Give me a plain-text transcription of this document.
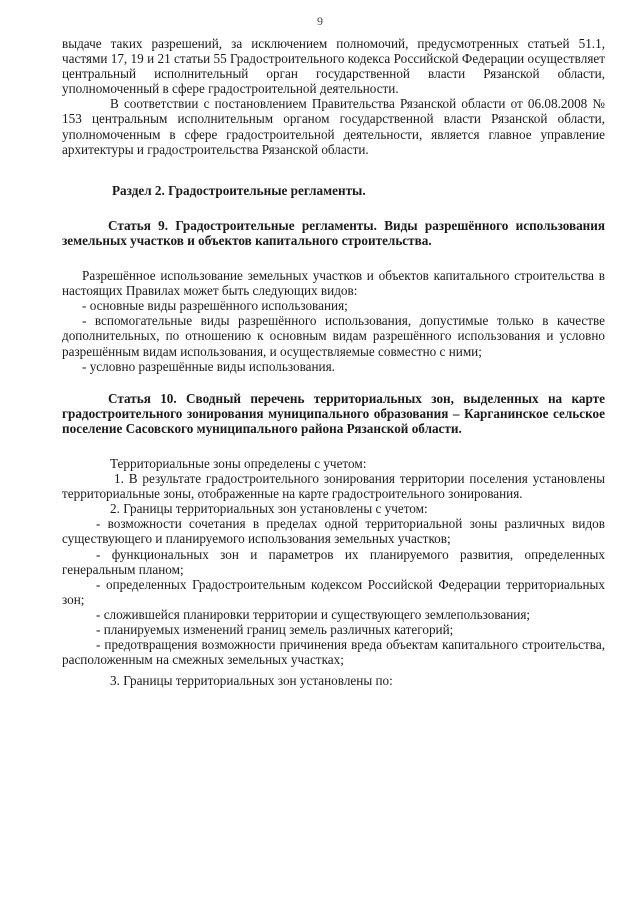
9

выдаче таких разрешений, за исключением полномочий, предусмотренных статьей 51.1, частями 17, 19 и 21 статьи 55 Градостроительного кодекса Российской Федерации осуществляет центральный исполнительный орган государственной власти Рязанской области, уполномоченный в сфере градостроительной деятельности.

В соответствии с постановлением Правительства Рязанской области от 06.08.2008 № 153 центральным исполнительным органом государственной власти Рязанской области, уполномоченным в сфере градостроительной деятельности, является главное управление архитектуры и градостроительства Рязанской области.

Раздел 2. Градостроительные регламенты.

Статья 9. Градостроительные регламенты. Виды разрешённого использования земельных участков и объектов капитального строительства.

Разрешённое использование земельных участков и объектов капитального строительства в настоящих Правилах может быть следующих видов:

- основные виды разрешённого использования;

- вспомогательные виды разрешённого использования, допустимые только в качестве дополнительных, по отношению к основным видам разрешённого использования и условно разрешённым видам использования, и осуществляемые совместно с ними;

- условно разрешённые виды использования.

Статья 10. Сводный перечень территориальных зон, выделенных на карте градостроительного зонирования муниципального образования – Карганинское сельское поселение Сасовского муниципального района Рязанской области.

Территориальные зоны определены с учетом:

1. В результате градостроительного зонирования территории поселения установлены территориальные зоны, отображенные на карте градостроительного зонирования.

2. Границы территориальных зон установлены с учетом:

- возможности сочетания в пределах одной территориальной зоны различных видов существующего и планируемого использования земельных участков;

- функциональных зон и параметров их планируемого развития, определенных генеральным планом;

- определенных Градостроительным кодексом Российской Федерации территориальных зон;

- сложившейся планировки территории и существующего землепользования;

- планируемых изменений границ земель различных категорий;

- предотвращения возможности причинения вреда объектам капитального строительства, расположенным на смежных земельных участках;

3. Границы территориальных зон установлены по:
